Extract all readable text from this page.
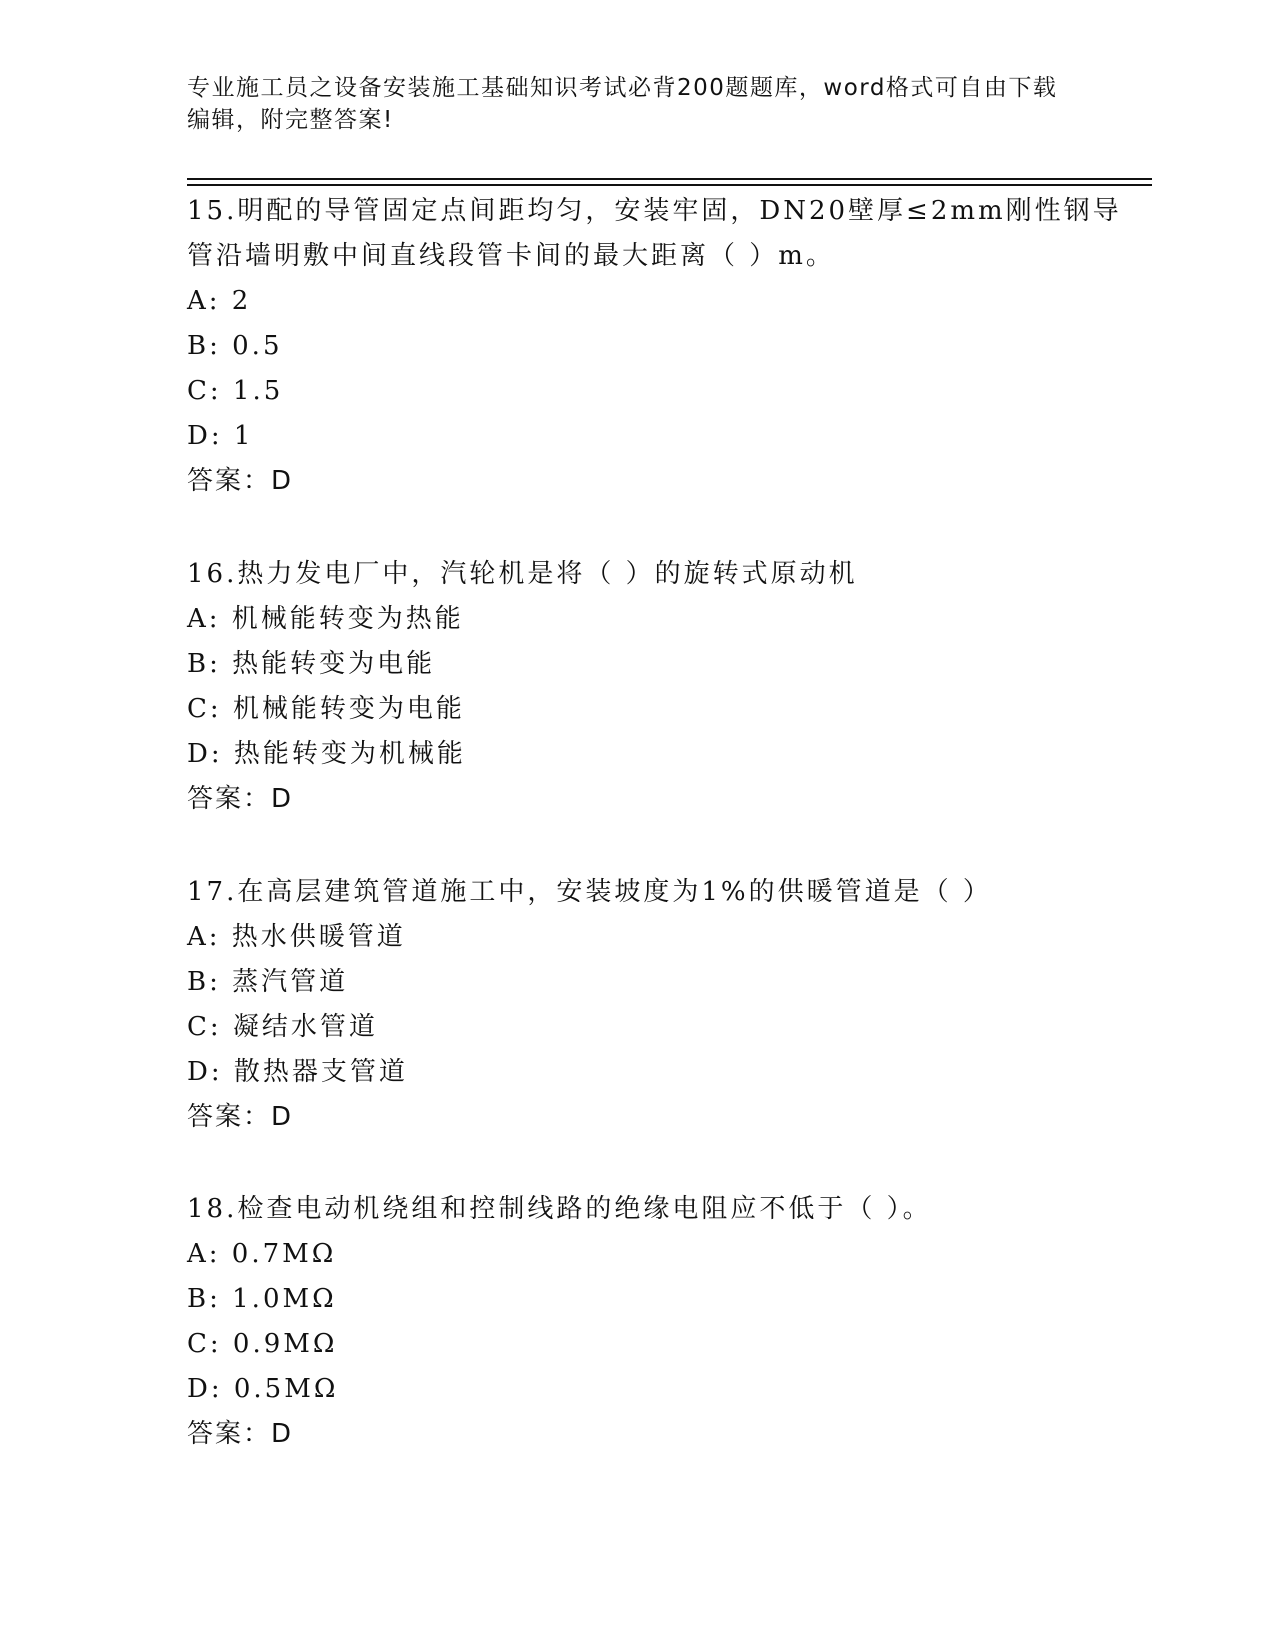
专业施工员之设备安装施工基础知识考试必背200题题库，word格式可自由下载
编辑，附完整答案!
15.明配的导管固定点间距均匀，安装牢固，DN20壁厚≤2mm刚性钢导
管沿墙明敷中间直线段管卡间的最大距离（ ）m。
A: 2
B: 0.5
C: 1.5
D: 1
答案：D
16.热力发电厂中，汽轮机是将（ ）的旋转式原动机
A: 机械能转变为热能
B: 热能转变为电能
C: 机械能转变为电能
D: 热能转变为机械能
答案：D
17.在高层建筑管道施工中，安装坡度为1%的供暖管道是（ ）
A: 热水供暖管道
B: 蒸汽管道
C: 凝结水管道
D: 散热器支管道
答案：D
18.检查电动机绕组和控制线路的绝缘电阻应不低于（ ）。
A: 0.7MΩ
B: 1.0MΩ
C: 0.9MΩ
D: 0.5MΩ
答案：D
